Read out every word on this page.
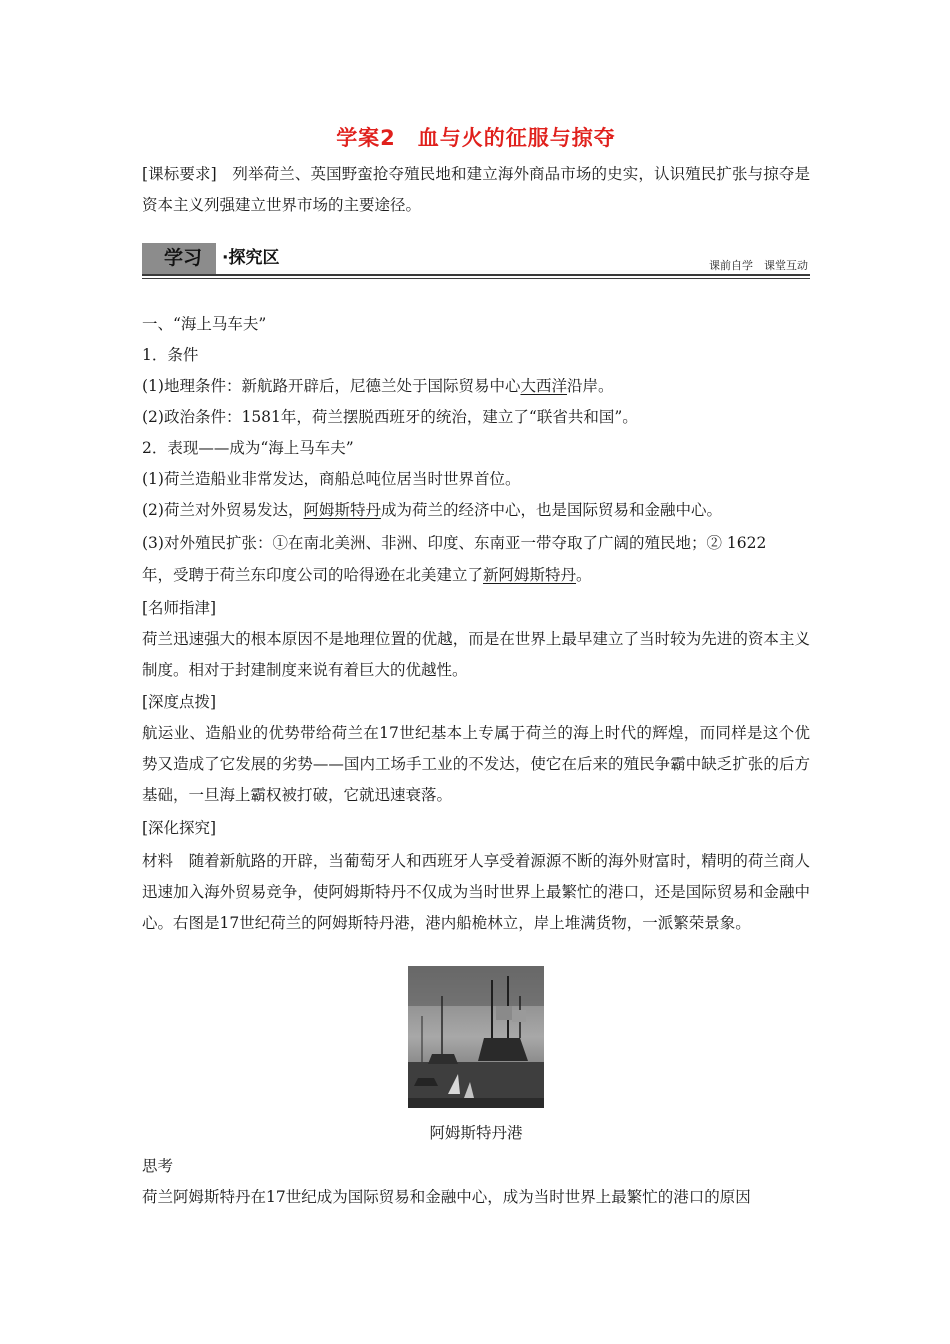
学案2　血与火的征服与掠夺
[课标要求]　 列举荷兰、英国野蛮抢夺殖民地和建立海外商品市场的史实，认识殖民扩张与掠夺是资本主义列强建立世界市场的主要途径。
学习 ·探究区	课前自学　课堂互动
一、“海上马车夫”
1．条件
(1)地理条件：新航路开辟后，尼德兰处于国际贸易中心大西洋沿岸。
(2)政治条件：1581年，荷兰摆脱西班牙的统治，建立了“联省共和国”。
2．表现——成为“海上马车夫”
(1)荷兰造船业非常发达，商船总吨位居当时世界首位。
(2)荷兰对外贸易发达，阿姆斯特丹成为荷兰的经济中心，也是国际贸易和金融中心。
(3)对外殖民扩张：①在南北美洲、非洲、印度、东南亚一带夺取了广阔的殖民地；② 1622
年，受聘于荷兰东印度公司的哈得逊在北美建立了新阿姆斯特丹。
[名师指津]
荷兰迅速强大的根本原因不是地理位置的优越，而是在世界上最早建立了当时较为先进的资本主义制度。相对于封建制度来说有着巨大的优越性。
[深度点拨]
航运业、造船业的优势带给荷兰在17世纪基本上专属于荷兰的海上时代的辉煌，而同样是这个优势又造成了它发展的劣势——国内工场手工业的不发达，使它在后来的殖民争霸中缺乏扩张的后方基础，一旦海上霸权被打破，它就迅速衰落。
[深化探究]
材料　随着新航路的开辟，当葡萄牙人和西班牙人享受着源源不断的海外财富时，精明的荷兰商人迅速加入海外贸易竞争，使阿姆斯特丹不仅成为当时世界上最繁忙的港口，还是国际贸易和金融中心。右图是17世纪荷兰的阿姆斯特丹港，港内船桅林立，岸上堆满货物，一派繁荣景象。
阿姆斯特丹港
思考
荷兰阿姆斯特丹在17世纪成为国际贸易和金融中心，成为当时世界上最繁忙的港口的原因
